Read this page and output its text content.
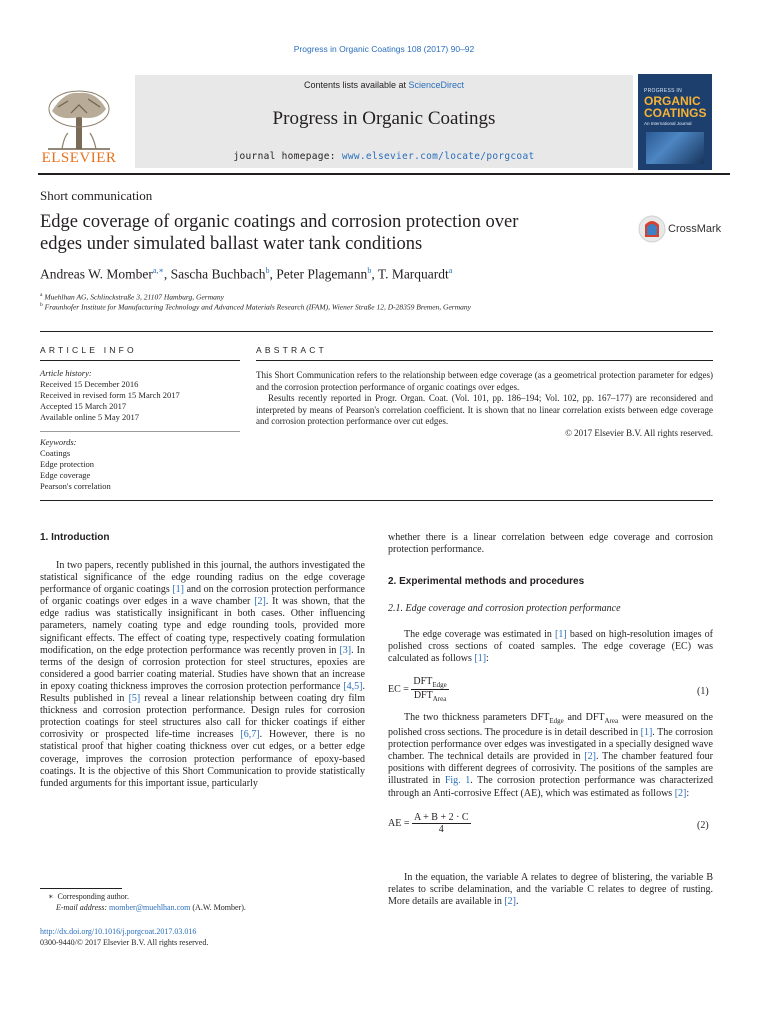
Progress in Organic Coatings 108 (2017) 90–92
Contents lists available at ScienceDirect
Progress in Organic Coatings
journal homepage: www.elsevier.com/locate/porgcoat
ELSEVIER
PROGRESS IN
ORGANIC
COATINGS
An International Journal
Short communication
Edge coverage of organic coatings and corrosion protection over
edges under simulated ballast water tank conditions
CrossMark
Andreas W. Momber$^{a,∗}$, Sascha Buchbach$^b$, Peter Plagemann$^b$, T. Marquardt$^a$
$^a$ Muehlhan AG, Schlinckstraße 3, 21107 Hamburg, Germany
$^b$ Fraunhofer Institute for Manufacturing Technology and Advanced Materials Research (IFAM), Wiener Straße 12, D-28359 Bremen, Germany
ARTICLE INFO
Article history:
Received 15 December 2016
Received in revised form 15 March 2017
Accepted 15 March 2017
Available online 5 May 2017
Keywords:
Coatings
Edge protection
Edge coverage
Pearson's correlation
ABSTRACT

This Short Communication refers to the relationship between edge coverage (as a geometrical protection parameter for edges) and the corrosion protection performance of organic coatings over edges.

Results recently reported in Progr. Organ. Coat. (Vol. 101, pp. 186–194; Vol. 102, pp. 167–177) are reconsidered and interpreted by means of Pearson's correlation coefficient. It is shown that no linear correlation exists between edge coverage and corrosion protection performance over cut edges.

© 2017 Elsevier B.V. All rights reserved.

1. Introduction

In two papers, recently published in this journal, the authors investigated the statistical significance of the edge rounding radius on the edge coverage performance of organic coatings [1] and on the corrosion protection performance of organic coatings over edges in a wave chamber [2]. It was shown, that the edge radius was statistically insignificant in both cases. Other influencing parameters, namely coating type and edge rounding tools, provided more significant effects. The effect of coating type, respectively coating formulation modification, on the edge protection performance was recently proven in [3]. In terms of the design of corrosion protection for steel structures, epoxies are considered a good barrier coating material. Studies have shown that an increase in epoxy coating thickness improves the corrosion protection performance [4,5]. Results published in [5] reveal a linear relationship between coating dry film thickness and corrosion protection performance. Design rules for corrosion protection coatings for steel structures also call for thicker coatings if either corrosivity or prospected life-time increases [6,7]. However, there is no statistical proof that higher coating thickness over cut edges, or a better edge coverage, improves the corrosion protection performance of epoxy-based coatings. It is the objective of this Short Communication to provide statistically funded arguments for this important issue, particularly

∗ Corresponding author.
E-mail address: momber@muehlhan.com (A.W. Momber).
http://dx.doi.org/10.1016/j.porgcoat.2017.03.016
0300-9440/© 2017 Elsevier B.V. All rights reserved.
whether there is a linear correlation between edge coverage and corrosion protection performance.
2. Experimental methods and procedures
2.1. Edge coverage and corrosion protection performance

The edge coverage was estimated in [1] based on high-resolution images of polished cross sections of coated samples. The edge coverage (EC) was calculated as follows [1]:

EC = $\frac{DFT_{Edge}}{DFT_{Area}}$	(1)

The two thickness parameters $DFT_{Edge}$ and $DFT_{Area}$ were measured on the polished cross sections. The procedure is in detail described in [1]. The corrosion protection performance over edges was investigated in a specially designed wave chamber. The technical details are provided in [2]. The chamber featured four positions with different degrees of corrosivity. The positions of the samples are illustrated in Fig. 1. The corrosion protection performance was characterized through an Anti-corrosive Effect (AE), which was estimated as follows [2]:

AE = $\frac{A + B + 2 \cdot C}{4}$	(2)

In the equation, the variable A relates to degree of blistering, the variable B relates to scribe delamination, and the variable C relates to degree of rusting. More details are available in [2].
